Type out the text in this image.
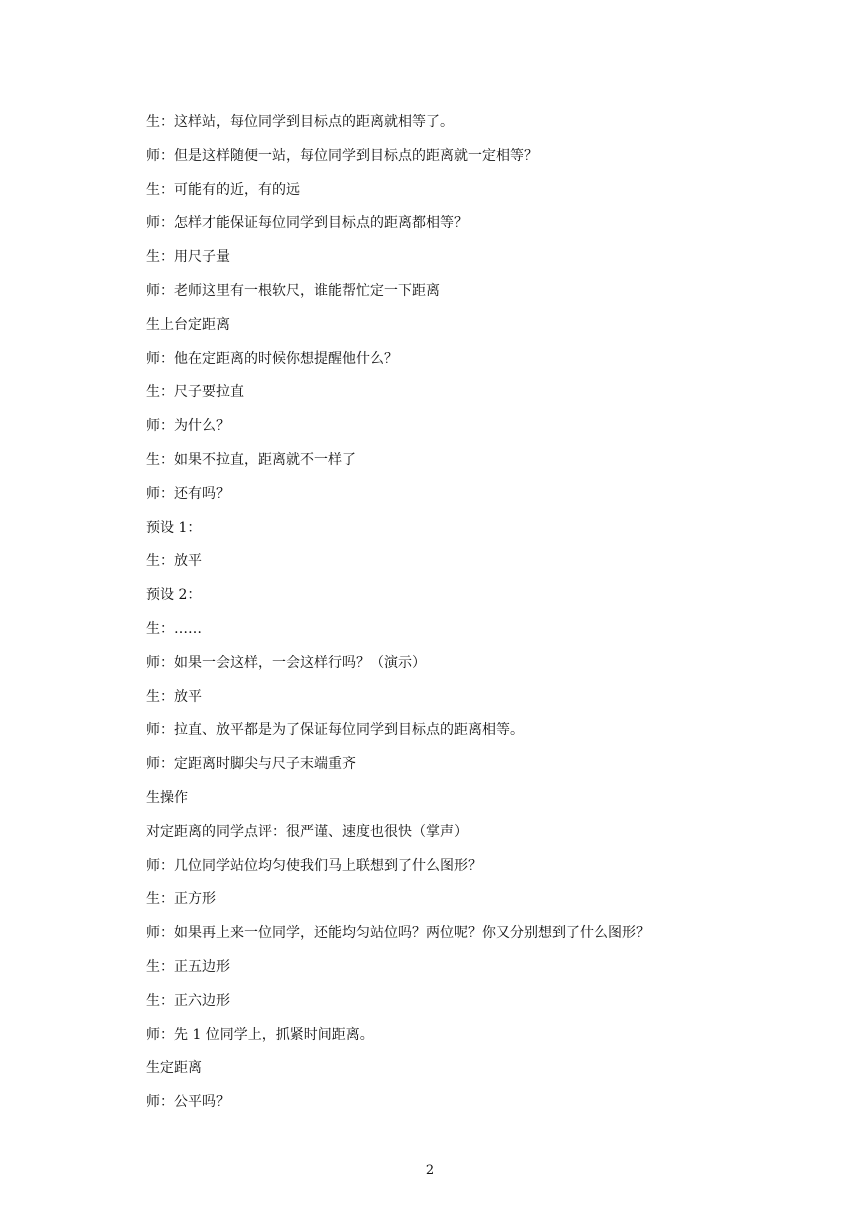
生：这样站，每位同学到目标点的距离就相等了。
师：但是这样随便一站，每位同学到目标点的距离就一定相等？
生：可能有的近，有的远
师：怎样才能保证每位同学到目标点的距离都相等？
生：用尺子量
师：老师这里有一根软尺，谁能帮忙定一下距离
生上台定距离
师：他在定距离的时候你想提醒他什么？
生：尺子要拉直
师：为什么？
生：如果不拉直，距离就不一样了
师：还有吗？
预设 1：
生：放平
预设 2：
生：……
师：如果一会这样，一会这样行吗？（演示）
生：放平
师：拉直、放平都是为了保证每位同学到目标点的距离相等。
师：定距离时脚尖与尺子末端重齐
生操作
对定距离的同学点评：很严谨、速度也很快（掌声）
师：几位同学站位均匀使我们马上联想到了什么图形？
生：正方形
师：如果再上来一位同学，还能均匀站位吗？两位呢？你又分别想到了什么图形？
生：正五边形
生：正六边形
师：先 1 位同学上，抓紧时间距离。
生定距离
师：公平吗？
2
